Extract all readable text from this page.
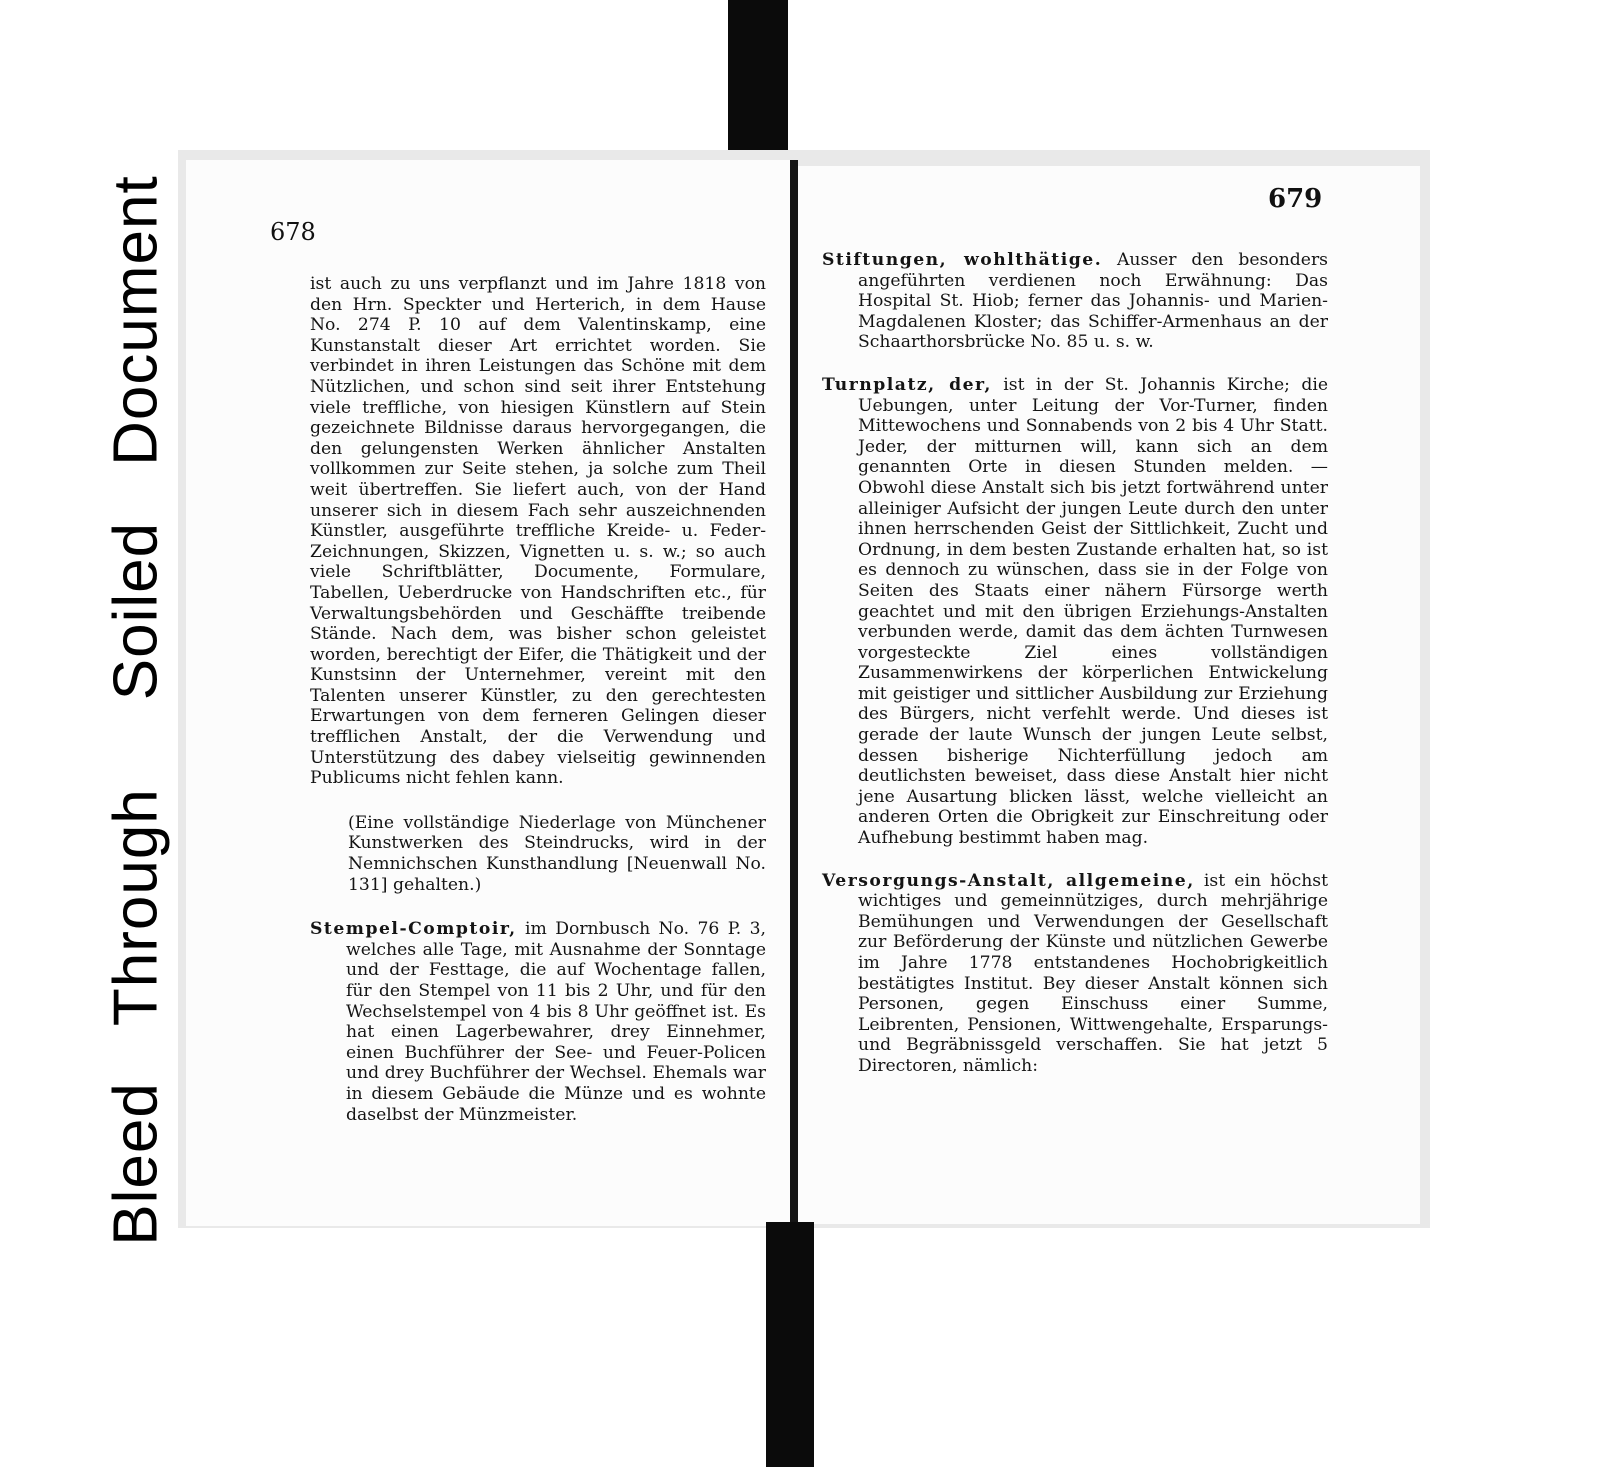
BleedThroughSoiledDocument	678
679

ist auch zu uns verpflanzt und im Jahre 1818 von den Hrn. Speckter und Herterich, in dem Hause No. 274 P. 10 auf dem Valentinskamp, eine Kunstanstalt dieser Art errichtet worden. Sie verbindet in ihren Leistungen das Schöne mit dem Nützlichen, und schon sind seit ihrer Entstehung viele treffliche, von hiesigen Künstlern auf Stein gezeichnete Bildnisse daraus hervorgegangen, die den gelungensten Werken ähnlicher Anstalten vollkommen zur Seite stehen, ja solche zum Theil weit übertreffen. Sie liefert auch, von der Hand unserer sich in diesem Fach sehr auszeichnenden Künstler, ausgeführte treffliche Kreide- u. Feder-Zeichnungen, Skizzen, Vignetten u. s. w.; so auch viele Schriftblätter, Documente, Formulare, Tabellen, Ueberdrucke von Handschriften etc., für Verwaltungsbehörden und Geschäffte treibende Stände. Nach dem, was bisher schon geleistet worden, berechtigt der Eifer, die Thätigkeit und der Kunstsinn der Unternehmer, vereint mit den Talenten unserer Künstler, zu den gerechtesten Erwartungen von dem ferneren Gelingen dieser trefflichen Anstalt, der die Verwendung und Unterstützung des dabey vielseitig gewinnenden Publicums nicht fehlen kann.

(Eine vollständige Niederlage von Münchener Kunstwerken des Steindrucks, wird in der Nemnichschen Kunsthandlung [Neuenwall No. 131] gehalten.)

Stempel-Comptoir, im Dornbusch No. 76 P. 3, welches alle Tage, mit Ausnahme der Sonntage und der Festtage, die auf Wochentage fallen, für den Stempel von 11 bis 2 Uhr, und für den Wechselstempel von 4 bis 8 Uhr geöffnet ist. Es hat einen Lagerbewahrer, drey Einnehmer, einen Buchführer der See- und Feuer-Policen und drey Buchführer der Wechsel. Ehemals war in diesem Gebäude die Münze und es wohnte daselbst der Münzmeister.

Stiftungen, wohlthätige. Ausser den besonders angeführten verdienen noch Erwähnung: Das Hospital St. Hiob; ferner das Johannis- und Marien-Magdalenen Kloster; das Schiffer-Armenhaus an der Schaarthorsbrücke No. 85 u. s. w.

Turnplatz, der, ist in der St. Johannis Kirche; die Uebungen, unter Leitung der Vor-Turner, finden Mittewochens und Sonnabends von 2 bis 4 Uhr Statt. Jeder, der mitturnen will, kann sich an dem genannten Orte in diesen Stunden melden. — Obwohl diese Anstalt sich bis jetzt fortwährend unter alleiniger Aufsicht der jungen Leute durch den unter ihnen herrschenden Geist der Sittlichkeit, Zucht und Ordnung, in dem besten Zustande erhalten hat, so ist es dennoch zu wünschen, dass sie in der Folge von Seiten des Staats einer nähern Fürsorge werth geachtet und mit den übrigen Erziehungs-Anstalten verbunden werde, damit das dem ächten Turnwesen vorgesteckte Ziel eines vollständigen Zusammenwirkens der körperlichen Entwickelung mit geistiger und sittlicher Ausbildung zur Erziehung des Bürgers, nicht verfehlt werde. Und dieses ist gerade der laute Wunsch der jungen Leute selbst, dessen bisherige Nichterfüllung jedoch am deutlichsten beweiset, dass diese Anstalt hier nicht jene Ausartung blicken lässt, welche vielleicht an anderen Orten die Obrigkeit zur Einschreitung oder Aufhebung bestimmt haben mag.

Versorgungs-Anstalt, allgemeine, ist ein höchst wichtiges und gemeinnütziges, durch mehrjährige Bemühungen und Verwendungen der Gesellschaft zur Beförderung der Künste und nützlichen Gewerbe im Jahre 1778 entstandenes Hochobrigkeitlich bestätigtes Institut. Bey dieser Anstalt können sich Personen, gegen Einschuss einer Summe, Leibrenten, Pensionen, Wittwengehalte, Ersparungs- und Begräbnissgeld verschaffen. Sie hat jetzt 5 Directoren, nämlich:
